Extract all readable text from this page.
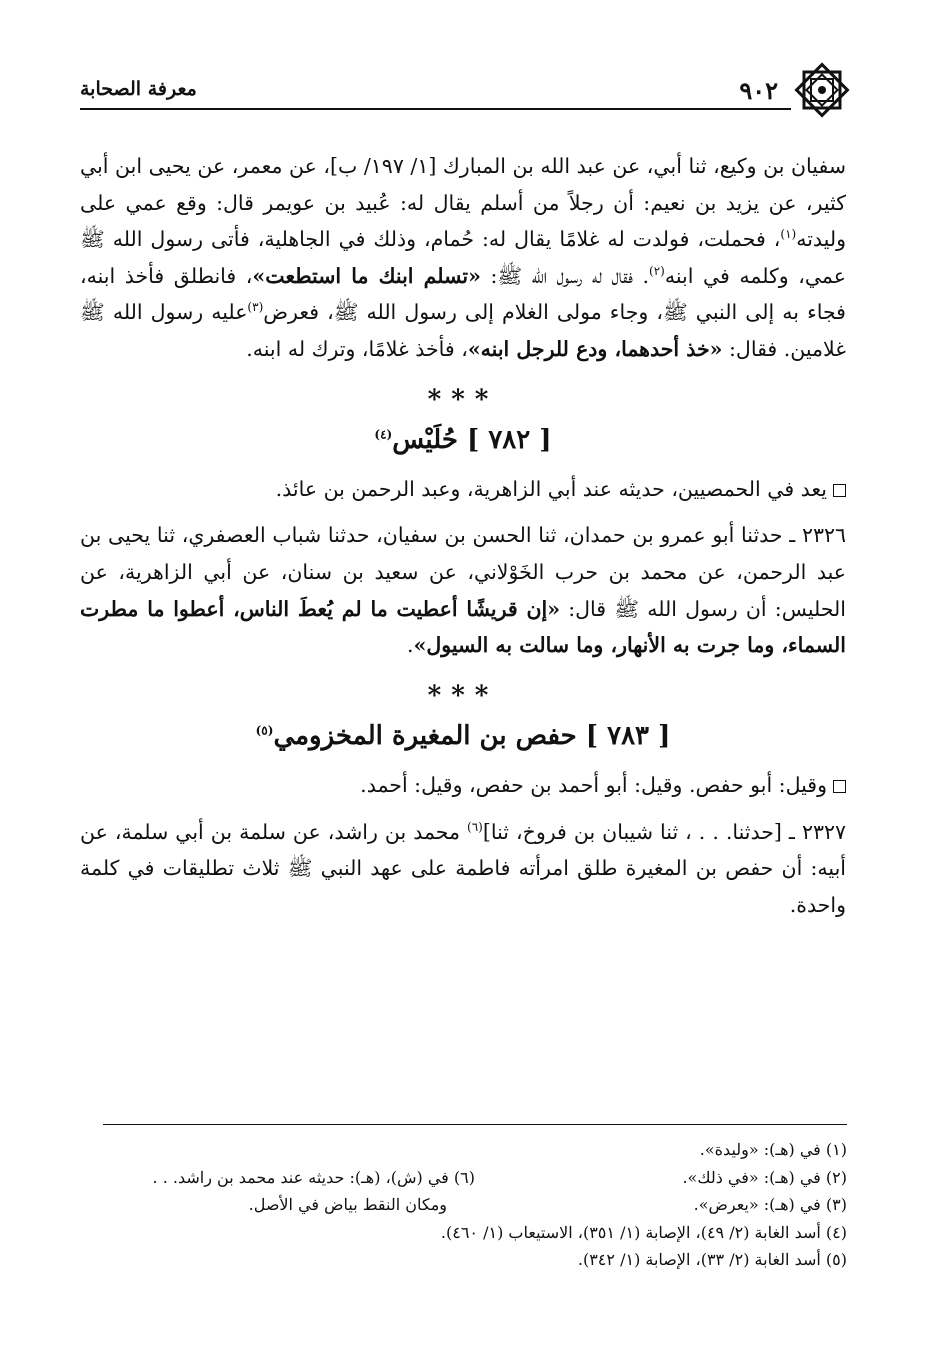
٩٠٢
معرفة الصحابة

سفيان بن وكيع، ثنا أبي، عن عبد الله بن المبارك [١/ ١٩٧/ ب]، عن معمر، عن يحيى ابن أبي كثير، عن يزيد بن نعيم: أن رجلاً من أسلم يقال له: عُبيد بن عويمر قال: وقع عمي على وليدته$^{(١)}$، فحملت، فولدت له غلامًا يقال له: حُمام، وذلك في الجاهلية، فأتى رسول الله ﷺ عمي، وكلمه في ابنه$^{(٢)}$. فقال له رسول الله ﷺ: «تسلم ابنك ما استطعت»، فانطلق فأخذ ابنه، فجاء به إلى النبي ﷺ، وجاء مولى الغلام إلى رسول الله ﷺ، فعرض$^{(٣)}$عليه رسول الله ﷺ غلامين. فقال: «خذ أحدهما، ودع للرجل ابنه»، فأخذ غلامًا، وترك له ابنه.

***
[ ٧٨٢ ] حُلَيْس$^{(٤)}$

يعد في الحمصيين، حديثه عند أبي الزاهرية، وعبد الرحمن بن عائذ.

٢٣٢٦ ـ حدثنا أبو عمرو بن حمدان، ثنا الحسن بن سفيان، حدثنا شباب العصفري، ثنا يحيى بن عبد الرحمن، عن محمد بن حرب الخَوْلاني، عن سعيد بن سنان، عن أبي الزاهرية، عن الحليس: أن رسول الله ﷺ قال: «إن قريشًا أعطيت ما لم يُعطَ الناس، أعطوا ما مطرت السماء، وما جرت به الأنهار، وما سالت به السيول».

***
[ ٧٨٣ ] حفص بن المغيرة المخزومي$^{(٥)}$

وقيل: أبو حفص. وقيل: أبو أحمد بن حفص، وقيل: أحمد.

٢٣٢٧ ـ [حدثنا. . . ، ثنا شيبان بن فروخ، ثنا]$^{(٦)}$ محمد بن راشد، عن سلمة بن أبي سلمة، عن أبيه: أن حفص بن المغيرة طلق امرأته فاطمة على عهد النبي ﷺ ثلاث تطليقات في كلمة واحدة.

(١) في (هـ): «وليدة».
(٢) في (هـ): «في ذلك».
(٦) في (ش)، (هـ): حديثه عند محمد بن راشد. . .
(٣) في (هـ): «يعرض».
ومكان النقط بياض في الأصل.
(٤) أسد الغابة (٢/ ٤٩)، الإصابة (١/ ٣٥١)، الاستيعاب (١/ ٤٦٠).
(٥) أسد الغابة (٢/ ٣٣)، الإصابة (١/ ٣٤٢).
